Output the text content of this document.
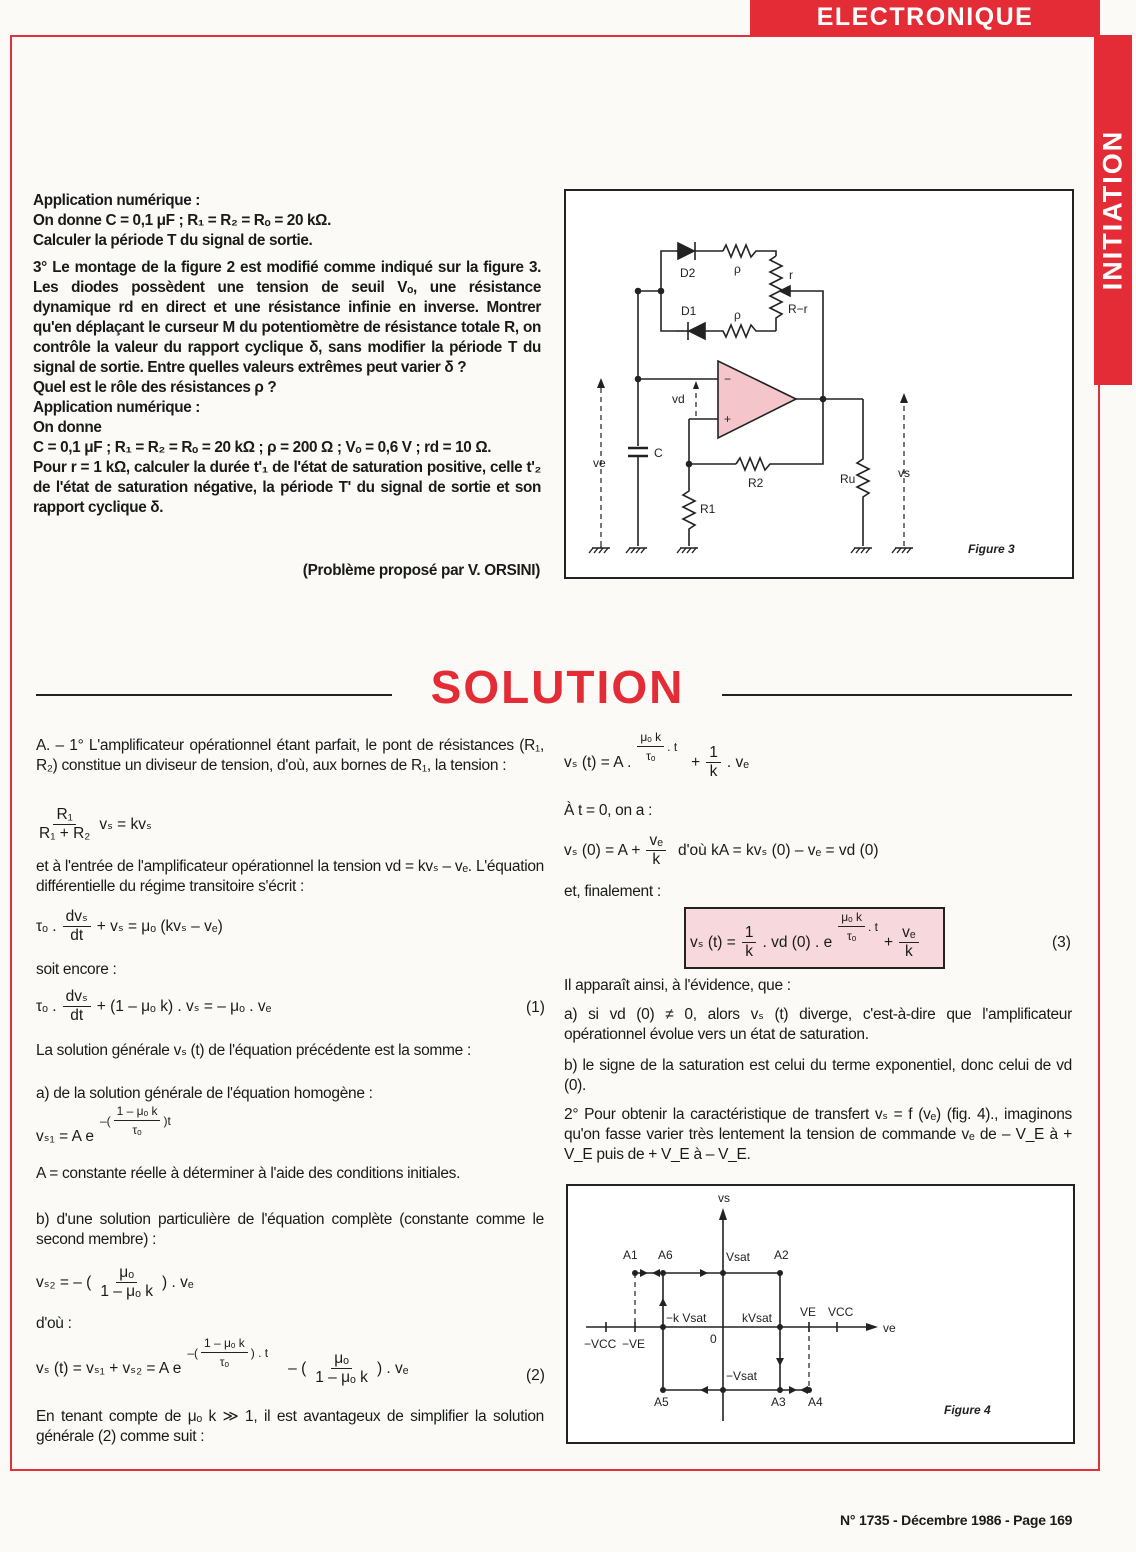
ELECTRONIQUE
INITIATION

Application numérique :
On donne C = 0,1 μF ; R₁ = R₂ = Rₒ = 20 kΩ.
Calculer la période T du signal de sortie.

3° Le montage de la figure 2 est modifié comme indiqué sur la figure 3. Les diodes possèdent une tension de seuil Vₒ, une résistance dynamique rd en direct et une résistance infinie en inverse. Montrer qu'en déplaçant le curseur M du potentiomètre de résistance totale R, on contrôle la valeur du rapport cyclique δ, sans modifier la période T du signal de sortie. Entre quelles valeurs extrêmes peut varier δ ?

Quel est le rôle des résistances ρ ?
Application numérique :
On donne
C = 0,1 μF ; R₁ = R₂ = Rₒ = 20 kΩ ; ρ = 200 Ω ; Vₒ = 0,6 V ; rd = 10 Ω.

Pour r = 1 kΩ, calculer la durée t'₁ de l'état de saturation positive, celle t'₂ de l'état de saturation négative, la période T' du signal de sortie et son rapport cyclique δ.

(Problème proposé par V. ORSINI)
D2	ρ	r
D1	ρ	R−r
vd
−
+
C
ve
R2	Ru	vs
R1
Figure 3
SOLUTION
A. – 1° L'amplificateur opérationnel étant parfait, le pont de résistances (R₁, R₂) constitue un diviseur de tension, d'où, aux bornes de R₁, la tension :
$\frac{\text{R₁}}{\text{R₁ + R₂}}$ vₛ = kvₛ
et à l'entrée de l'amplificateur opérationnel la tension vd = kvₛ – vₑ. L'équation différentielle du régime transitoire s'écrit :
τₒ . $\frac{\text{dvₛ}}{dt} + v_s = \mu_o$ (kvₛ – vₑ)
soit encore :
τₒ . $\frac{\text{dvₛ}}{dt} + (1 - \mu_o$ k) . vₛ = – μₒ . vₑ	(1)
La solution générale vₛ (t) de l'équation précédente est la somme :
a) de la solution générale de l'équation homogène :
vₛ₁ = A e
–( $\frac{\text{1 – μₒ k}}{\text{τₒ}} )t$
A = constante réelle à déterminer à l'aide des conditions initiales.
b) d'une solution particulière de l'équation complète (constante comme le second membre) :
vₛ₂ = – ( $\frac{\text{μₒ}}{\text{1 – μₒ k}}$ ) . vₑ
d'où :
vₛ (t) = vₛ₁ + vₛ₂ = A e
–( $\frac{\text{1 – μₒ k}}{\text{τₒ}}$ ) . t
– ( $\frac{\text{μₒ}}{\text{1 – μₒ k}}$ ) . vₑ	(2)
En tenant compte de μₒ k ≫ 1, il est avantageux de simplifier la solution générale (2) comme suit :
vₛ (t) = A . $\frac{\text{μₒ k}}{\text{τₒ}}$ . t
+ $\frac{1}{k}$ . vₑ
À t = 0, on a :
vₛ $(0) = A + \frac{\text{vₑ}}{k}$ d'où kA = kvₛ (0) – vₑ = vd (0)
et, finalement :
vₛ $(t) = \frac{1}{k}$ . vd (0) . e $\frac{\text{μₒ k}}{\text{τₒ}}$ . t
+ $\frac{\text{vₑ}}{k}$	(3)
Il apparaît ainsi, à l'évidence, que :
a) si vd (0) ≠ 0, alors vₛ (t) diverge, c'est-à-dire que l'amplificateur opérationnel évolue vers un état de saturation.
b) le signe de la saturation est celui du terme exponentiel, donc celui de vd (0).
2° Pour obtenir la caractéristique de transfert vₛ = f (vₑ) (fig. 4)., imaginons qu'on fasse varier très lentement la tension de commande vₑ de – V_E à + V_E puis de + V_E à – V_E.
vs
ve
A1 A6	Vsat A2
−k Vsat	kVsat VE VCC
0
−VCC −VE
−Vsat
A5	A3 A4
Figure 4
N° 1735 - Décembre 1986 - Page 169
